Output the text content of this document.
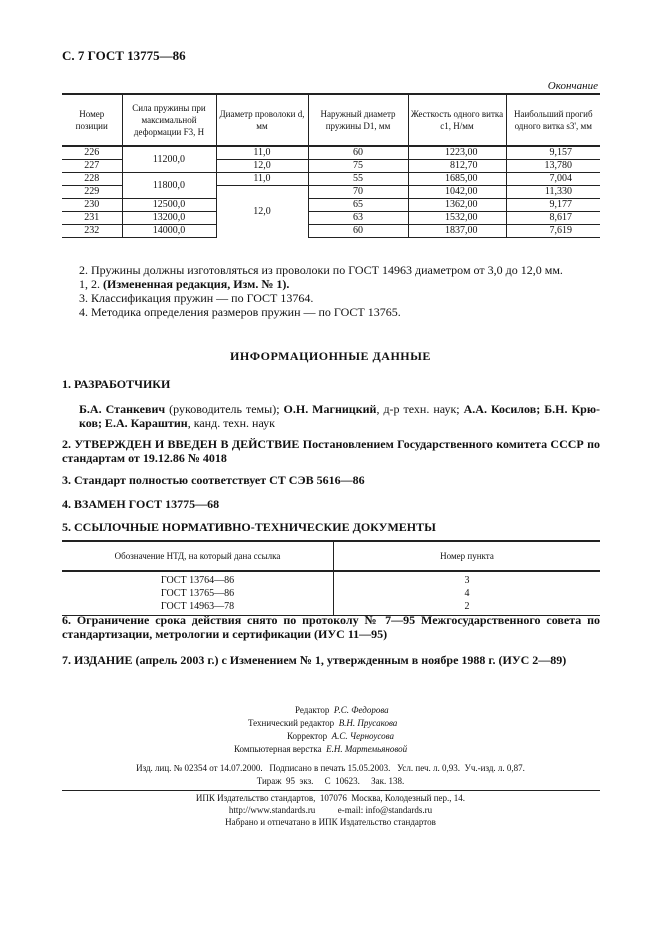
С. 7 ГОСТ 13775—86
Окончание
Номер позиции	Сила пружины при максимальной деформации F3, Н	Диаметр проволоки d, мм	Наружный диаметр пружины D1, мм	Жесткость одного витка c1, Н/мм	Наибольший прогиб одного витка s3', мм
226	11200,0	11,0	60	1223,00	9,157
227		12,0	75	812,70	13,780
228	11800,0	11,0	55	1685,00	7,004
229		12,0	70	1042,00	11,330
230	12500,0		65	1362,00	9,177
231	13200,0		63	1532,00	8,617
232	14000,0		60	1837,00	7,619
2. Пружины должны изготовляться из проволоки по ГОСТ 14963 диаметром от 3,0 до 12,0 мм.
1, 2. (Измененная редакция, Изм. № 1).
3. Классификация пружин — по ГОСТ 13764.
4. Методика определения размеров пружин — по ГОСТ 13765.
ИНФОРМАЦИОННЫЕ ДАННЫЕ
1. РАЗРАБОТЧИКИ
Б.А. Станкевич (руководитель темы); О.Н. Магницкий, д-р техн. наук; А.А. Косилов; Б.Н. Крю- ков; Е.А. Караштин, канд. техн. наук
2. УТВЕРЖДЕН И ВВЕДЕН В ДЕЙСТВИЕ Постановлением Государственного комитета СССР по стандартам от 19.12.86 № 4018
3. Стандарт полностью соответствует СТ СЭВ 5616—86
4. ВЗАМЕН ГОСТ 13775—68
5. ССЫЛОЧНЫЕ НОРМАТИВНО-ТЕХНИЧЕСКИЕ ДОКУМЕНТЫ
Обозначение НТД, на который дана ссылка	Номер пункта
ГОСТ 13764—86	3
ГОСТ 13765—86	4
ГОСТ 14963—78	2
6. Ограничение срока действия снято по протоколу № 7—95 Межгосударственного совета по стандартизации, метрологии и сертификации (ИУС 11—95)
7. ИЗДАНИЕ (апрель 2003 г.) с Изменением № 1, утвержденным в ноябре 1988 г. (ИУС 2—89)
Редактор Р.С. Федорова
Технический редактор В.Н. Прусакова
Корректор А.С. Черноусова
Компьютерная верстка Е.Н. Мартемьяновой
Изд. лиц. № 02354 от 14.07.2000.   Подписано в печать 15.05.2003.   Усл. печ. л. 0,93.  Уч.-изд. л. 0,87.
Тираж  95  экз.     С  10623.     Зак. 138.
ИПК Издательство стандартов,  107076  Москва, Колодезный пер., 14.
http://www.standards.ru          e-mail: info@standards.ru
Набрано и отпечатано в ИПК Издательство стандартов
